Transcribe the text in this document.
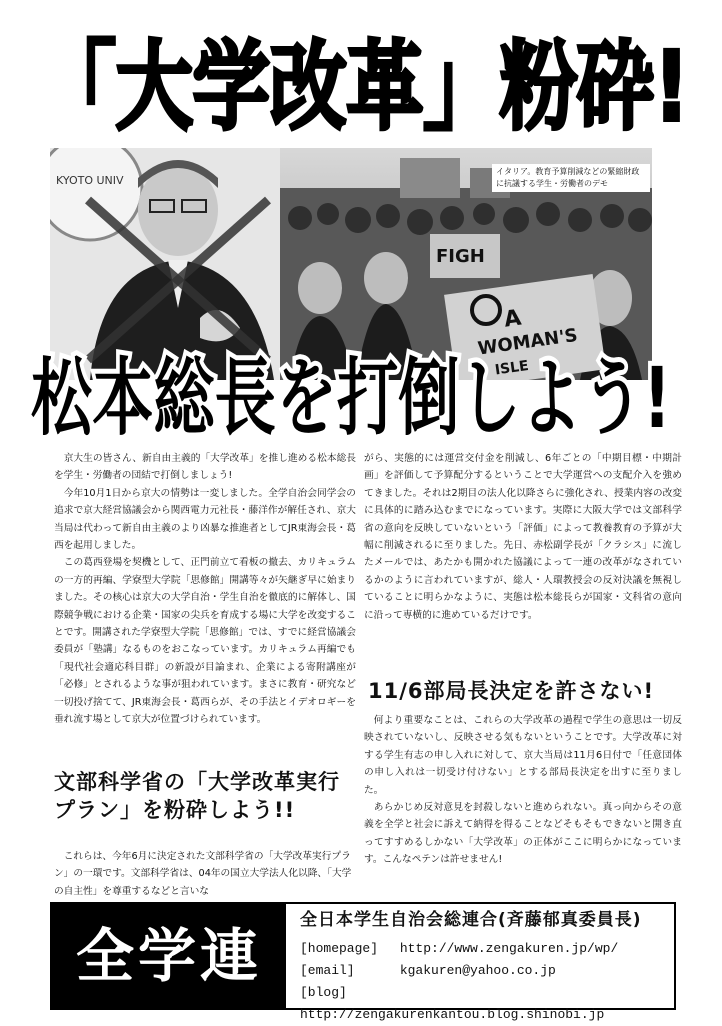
「大学改革」粉砕!
KYOTO UNIV
FIGH
A
WOMAN'S
ISLE
イタリア。教育予算削減などの緊縮財政に抗議する学生・労働者のデモ
松本総長を打倒しよう!

京大生の皆さん、新自由主義的「大学改革」を推し進める松本総長を学生・労働者の団結で打倒しましょう!

今年10月1日から京大の情勢は一変しました。全学自治会同学会の追求で京大経営協議会から関西電力元社長・藤洋作が解任され、京大当局は代わって新自由主義のより凶暴な推進者としてJR東海会長・葛西を起用しました。

この葛西登場を契機として、正門前立て看板の撤去、カリキュラムの一方的再編、学寮型大学院「思修館」開講等々が矢継ぎ早に始まりました。その核心は京大の大学自治・学生自治を徹底的に解体し、国際競争戦における企業・国家の尖兵を育成する場に大学を改変することです。開講された学寮型大学院「思修館」では、すでに経営協議会委員が「塾講」なるものをおこなっています。カリキュラム再編でも「現代社会適応科目群」の新設が目論まれ、企業による寄附講座が「必修」とされるような事が狙われています。まさに教育・研究など一切投げ捨てて、JR東海会長・葛西らが、その手法とイデオロギーを垂れ流す場として京大が位置づけられています。

文部科学省の「大学改革実行プラン」を粉砕しよう!!

これらは、今年6月に決定された文部科学省の「大学改革実行プラン」の一環です。文部科学省は、04年の国立大学法人化以降、「大学の自主性」を尊重するなどと言いな

がら、実態的には運営交付金を削減し、6年ごとの「中期目標・中期計画」を評価して予算配分するということで大学運営への支配介入を強めてきました。それは2期目の法人化以降さらに強化され、授業内容の改変に具体的に踏み込むまでになっています。実際に大阪大学では文部科学省の意向を反映していないという「評価」によって教養教育の予算が大幅に削減されるに至りました。先日、赤松副学長が「クラシス」に流したメールでは、あたかも開かれた協議によって一連の改革がなされているかのように言われていますが、総人・人環教授会の反対決議を無視していることに明らかなように、実態は松本総長らが国家・文科省の意向に沿って専横的に進めているだけです。

11/6部局長決定を許さない!

何より重要なことは、これらの大学改革の過程で学生の意思は一切反映されていないし、反映させる気もないということです。大学改革に対する学生有志の申し入れに対して、京大当局は11月6日付で「任意団体の申し入れは一切受け付けない」とする部局長決定を出すに至りました。

あらかじめ反対意見を封殺しないと進められない。真っ向からその意義を全学と社会に訴えて納得を得ることなどそもそもできないと開き直ってすすめるしかない「大学改革」の正体がここに明らかになっています。こんなペテンは許せません!

全学連
全日本学生自治会総連合(斉藤郁真委員長)
[homepage] http://www.zengakuren.jp/wp/
[email]	kgakuren@yahoo.co.jp
[blog] http://zengakurenkantou.blog.shinobi.jp
